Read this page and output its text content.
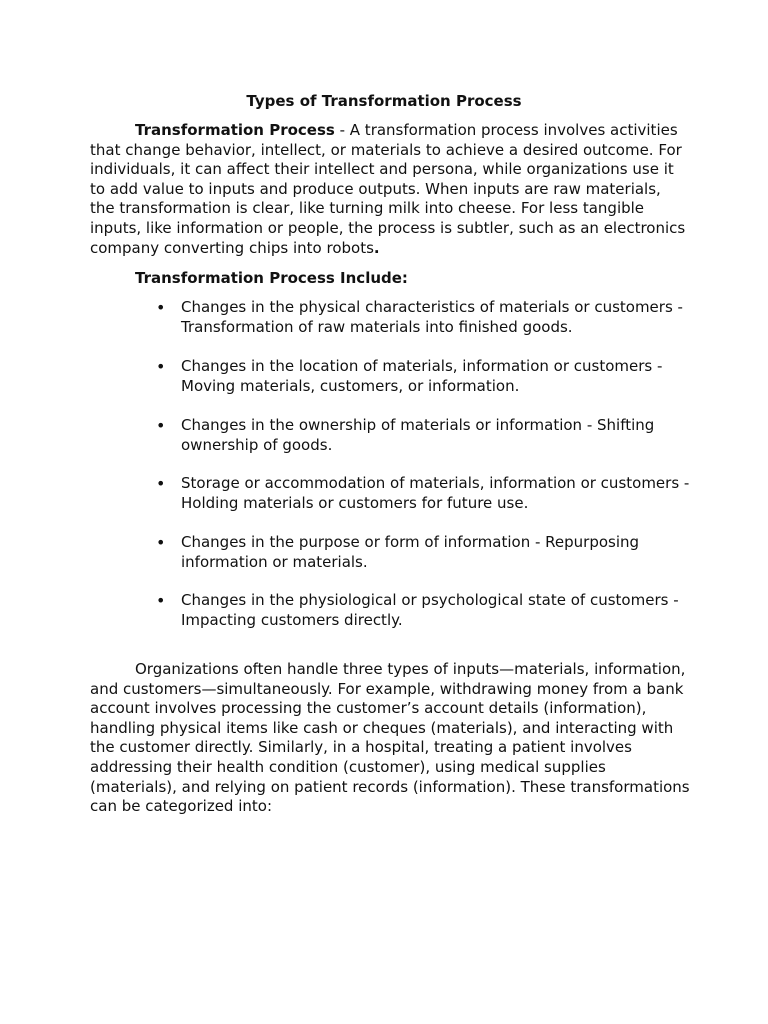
Types of Transformation Process

Transformation Process - A transformation process involves activities that change behavior, intellect, or materials to achieve a desired outcome. For individuals, it can affect their intellect and persona, while organizations use it to add value to inputs and produce outputs. When inputs are raw materials, the transformation is clear, like turning milk into cheese. For less tangible inputs, like information or people, the process is subtler, such as an electronics company converting chips into robots.

Transformation Process Include:
•	Changes in the physical characteristics of materials or customers - Transformation of raw materials into finished goods.
•	Changes in the location of materials, information or customers - Moving materials, customers, or information.
•	Changes in the ownership of materials or information - Shifting ownership of goods.
•	Storage or accommodation of materials, information or customers - Holding materials or customers for future use.
•	Changes in the purpose or form of information - Repurposing information or materials.
•	Changes in the physiological or psychological state of customers - Impacting customers directly.

Organizations often handle three types of inputs—materials, information, and customers—simultaneously. For example, withdrawing money from a bank account involves processing the customer’s account details (information), handling physical items like cash or cheques (materials), and interacting with the customer directly. Similarly, in a hospital, treating a patient involves addressing their health condition (customer), using medical supplies (materials), and relying on patient records (information). These transformations can be categorized into:
